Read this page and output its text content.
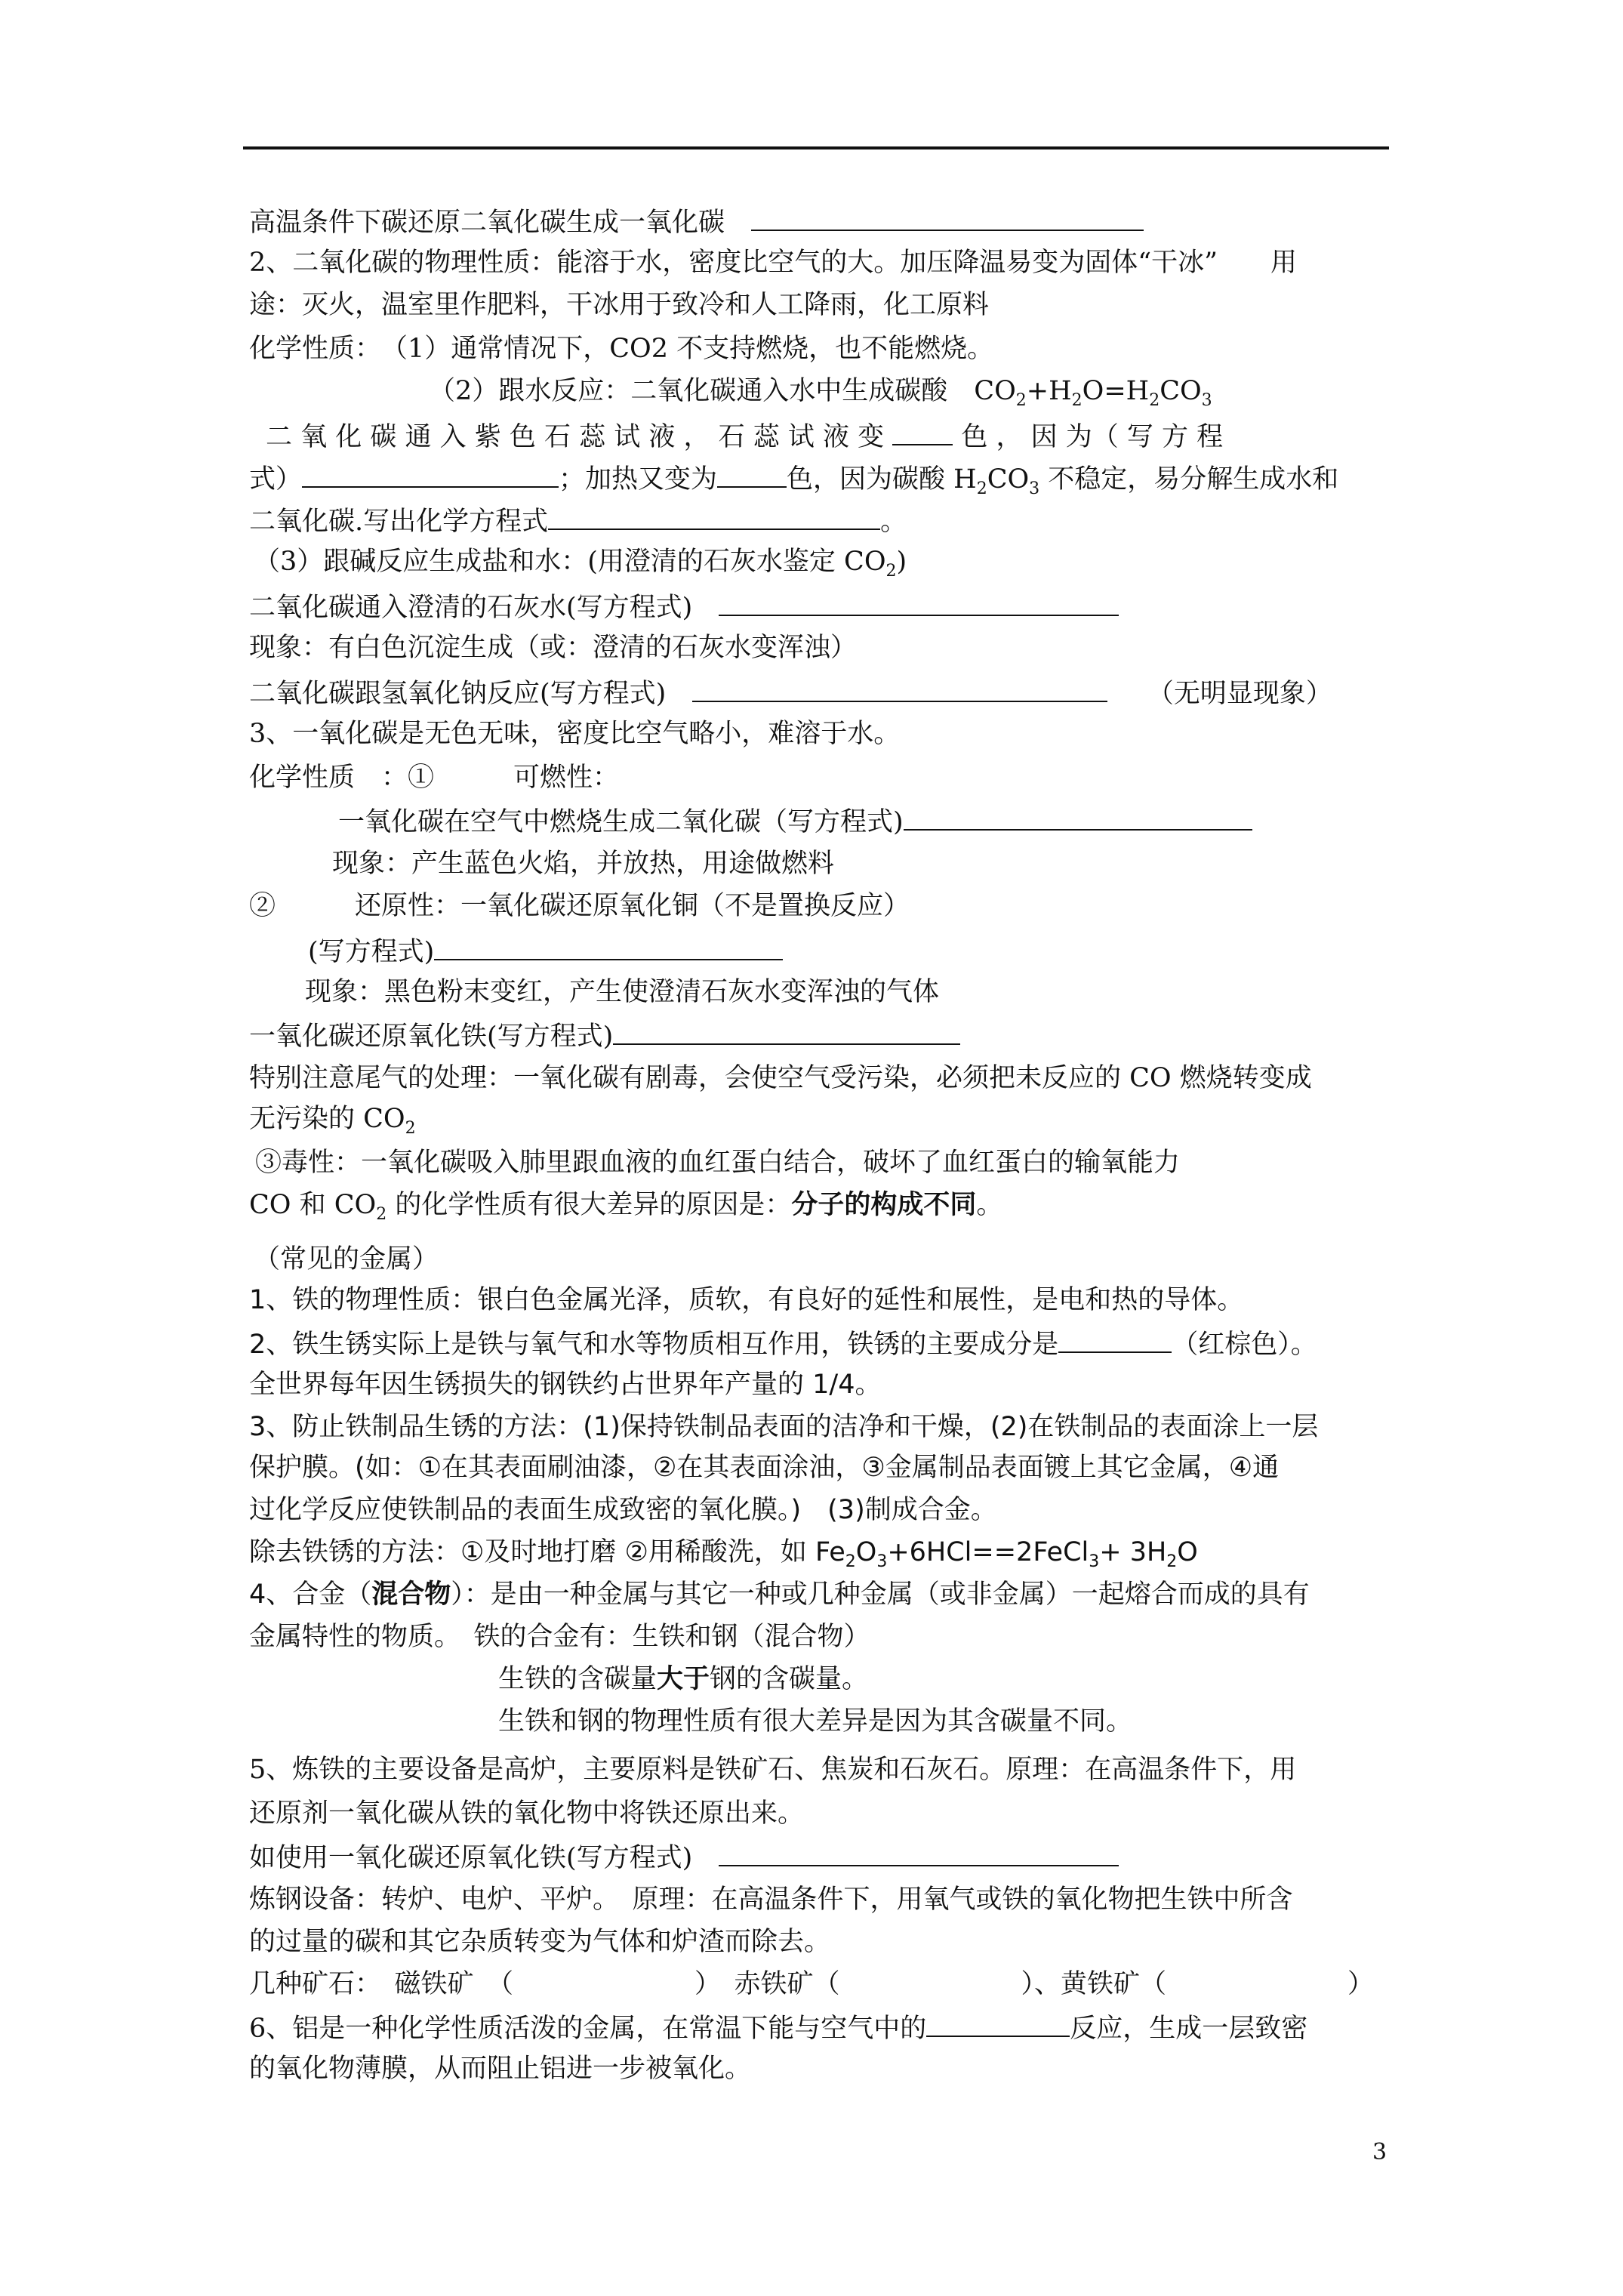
高温条件下碳还原二氧化碳生成一氧化碳　
2、二氧化碳的物理性质：能溶于水，密度比空气的大。加压降温易变为固体“干冰”　　用
途：灭火，温室里作肥料，干冰用于致冷和人工降雨，化工原料
化学性质：　（1）通常情况下，CO2 不支持燃烧，也不能燃烧。
（2）跟水反应：二氧化碳通入水中生成碳酸　 $CO_2+H_2O=H_2CO_3$
二 氧 化 碳 通 入 紫 色 石 蕊 试 液 ， 石 蕊 试 液 变	色 ， 因 为（ 写 方 程
式）	；加热又变为	色，因为碳酸 $H_2CO_3$ 不稳定，易分解生成水和
二氧化碳.写出化学方程式	。
（3）跟碱反应生成盐和水：(用澄清的石灰水鉴定 $CO_2$)
二氧化碳通入澄清的石灰水(写方程式)　
现象：有白色沉淀生成（或：澄清的石灰水变浑浊）
二氧化碳跟氢氧化钠反应(写方程式)　　　	（无明显现象）
3、一氧化碳是无色无味，密度比空气略小，难溶于水。
化学性质　：①　　　可燃性：
一氧化碳在空气中燃烧生成二氧化碳（写方程式)
现象：产生蓝色火焰，并放热，用途做燃料
②　　　还原性：一氧化碳还原氧化铜（不是置换反应）
(写方程式)
现象：黑色粉末变红，产生使澄清石灰水变浑浊的气体
一氧化碳还原氧化铁(写方程式)
特别注意尾气的处理：一氧化碳有剧毒，会使空气受污染，必须把未反应的 CO 燃烧转变成
无污染的 $CO_2$
③毒性：一氧化碳吸入肺里跟血液的血红蛋白结合，破坏了血红蛋白的输氧能力
CO 和 $CO_2$ 的化学性质有很大差异的原因是：分子的构成不同。
（常见的金属）
1、铁的物理性质：银白色金属光泽，质软，有良好的延性和展性，是电和热的导体。
2、铁生锈实际上是铁与氧气和水等物质相互作用，铁锈的主要成分是	（红棕色）。
全世界每年因生锈损失的钢铁约占世界年产量的 1/4。
3、防止铁制品生锈的方法：(1)保持铁制品表面的洁净和干燥，(2)在铁制品的表面涂上一层
保护膜。(如：①在其表面刷油漆，②在其表面涂油，③金属制品表面镀上其它金属，④通
过化学反应使铁制品的表面生成致密的氧化膜。)　(3)制成合金。
除去铁锈的方法：①及时地打磨 ②用稀酸洗，如 $Fe_2O_3+6HCl==2FeCl_3+ 3H_2O$
4、合金（混合物）：是由一种金属与其它一种或几种金属（或非金属）一起熔合而成的具有
金属特性的物质。　铁的合金有：生铁和钢（混合物）
生铁的含碳量大于钢的含碳量。
生铁和钢的物理性质有很大差异是因为其含碳量不同。
5、炼铁的主要设备是高炉，主要原料是铁矿石、焦炭和石灰石。原理：在高温条件下，用
还原剂一氧化碳从铁的氧化物中将铁还原出来。
如使用一氧化碳还原氧化铁(写方程式)　
炼钢设备：转炉、电炉、平炉。　原理：在高温条件下，用氧气或铁的氧化物把生铁中所含
的过量的碳和其它杂质转变为气体和炉渣而除去。
几种矿石：　磁铁矿　（	）　赤铁矿（	）、黄铁矿（	）
6、铝是一种化学性质活泼的金属，在常温下能与空气中的	反应，生成一层致密
的氧化物薄膜，从而阻止铝进一步被氧化。
3
